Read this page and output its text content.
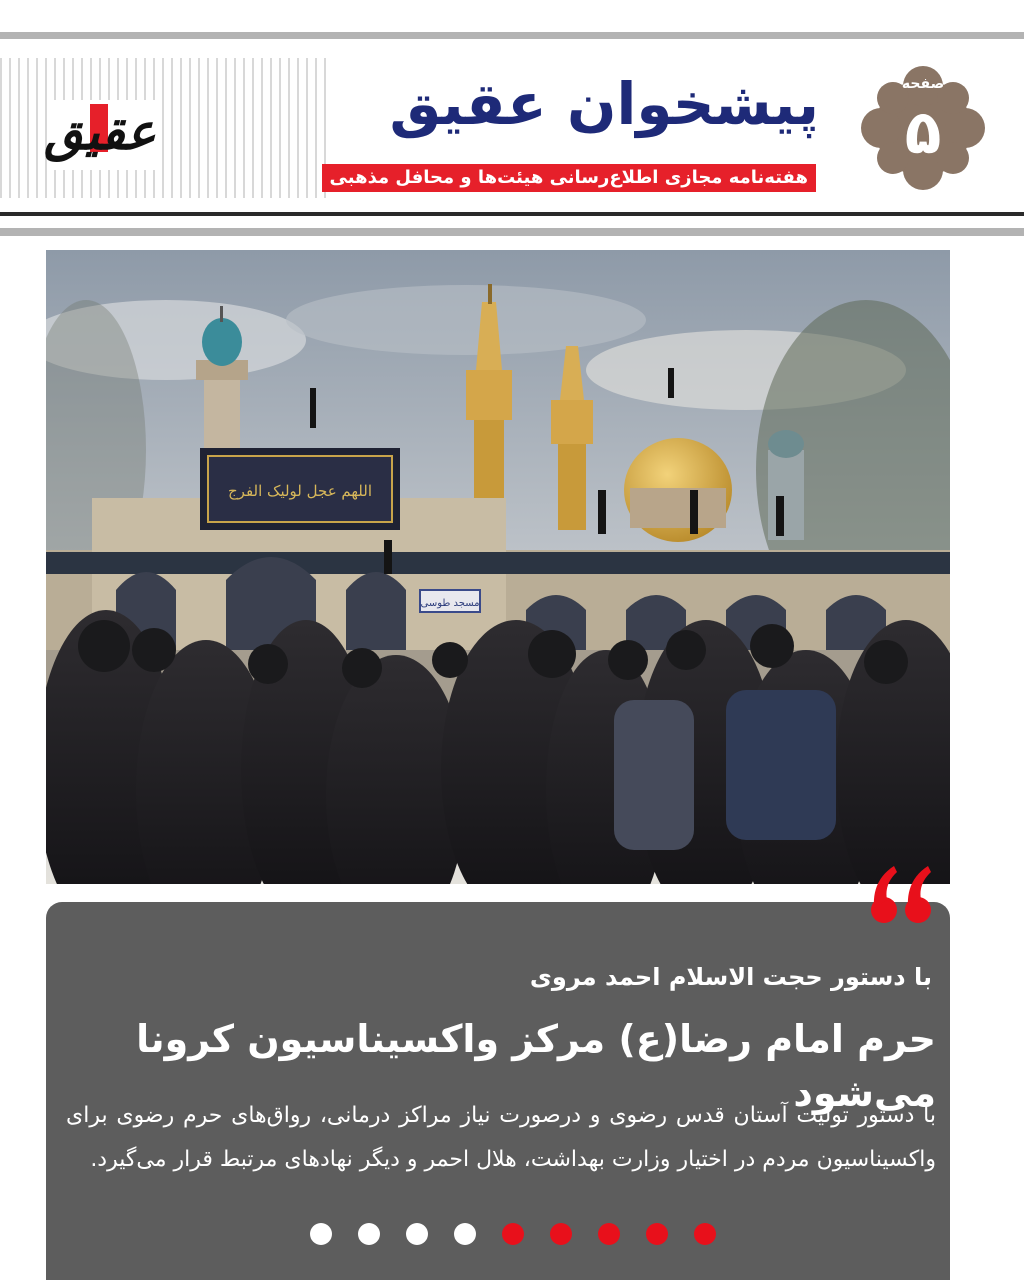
عقیق	پیشخوان عقیق
هفته‌نامه مجازی اطلاع‌رسانی هیئت‌ها و محافل مذهبی
صفحه
۵
اللهم عجل لولیک الفرج
مسجد طوسی
با دستور حجت الاسلام احمد مروی
حرم امام رضا(ع) مرکز واکسیناسیون کرونا می‌شود
با دستور تولیت آستان قدس رضوی و درصورت نیاز مراکز درمانی، رواق‌های حرم رضوی برای واکسیناسیون مردم در اختیار وزارت بهداشت، هلال احمر و دیگر نهادهای مرتبط قرار می‌گیرد.
